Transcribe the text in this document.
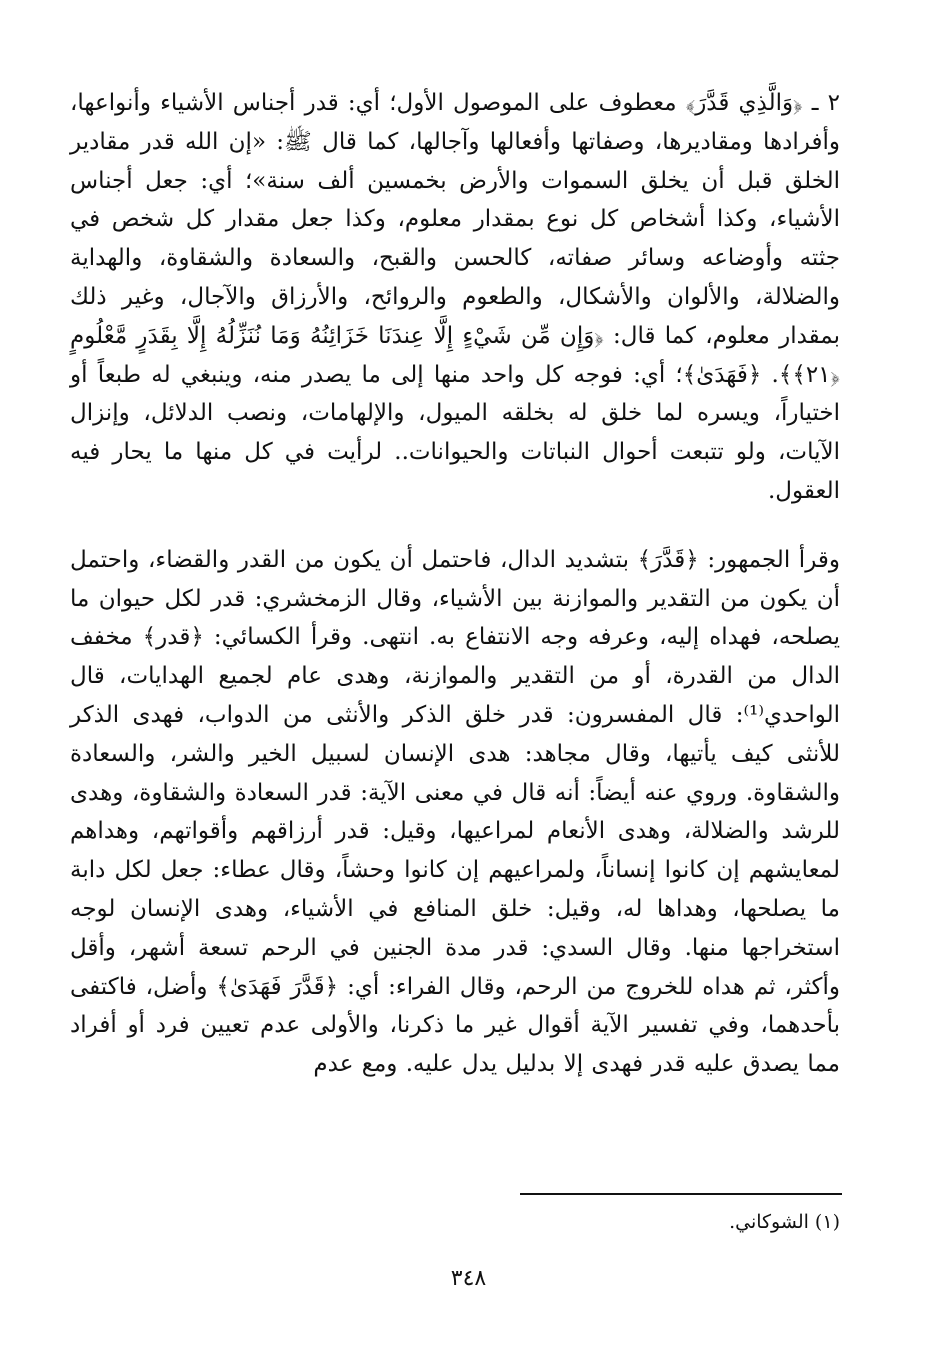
٢ ـ ﴿وَالَّذِي قَدَّرَ﴾ معطوف على الموصول الأول؛ أي: قدر أجناس الأشياء وأنواعها، وأفرادها ومقاديرها، وصفاتها وأفعالها وآجالها، كما قال ﷺ: «إن الله قدر مقادير الخلق قبل أن يخلق السموات والأرض بخمسين ألف سنة»؛ أي: جعل أجناس الأشياء، وكذا أشخاص كل نوع بمقدار معلوم، وكذا جعل مقدار كل شخص في جثته وأوضاعه وسائر صفاته، كالحسن والقبح، والسعادة والشقاوة، والهداية والضلالة، والألوان والأشكال، والطعوم والروائح، والأرزاق والآجال، وغير ذلك بمقدار معلوم، كما قال: ﴿وَإِن مِّن شَيْءٍ إِلَّا عِندَنَا خَزَائِنُهُ وَمَا نُنَزِّلُهُ إِلَّا بِقَدَرٍ مَّعْلُومٍ ﴿٢١﴾﴾. ﴿فَهَدَىٰ﴾؛ أي: فوجه كل واحد منها إلى ما يصدر منه، وينبغي له طبعاً أو اختياراً، ويسره لما خلق له بخلقه الميول، والإلهامات، ونصب الدلائل، وإنزال الآيات، ولو تتبعت أحوال النباتات والحيوانات.. لرأيت في كل منها ما يحار فيه العقول.

وقرأ الجمهور: ﴿قَدَّرَ﴾ بتشديد الدال، فاحتمل أن يكون من القدر والقضاء، واحتمل أن يكون من التقدير والموازنة بين الأشياء، وقال الزمخشري: قدر لكل حيوان ما يصلحه، فهداه إليه، وعرفه وجه الانتفاع به. انتهى. وقرأ الكسائي: ﴿قدر﴾ مخفف الدال من القدرة، أو من التقدير والموازنة، وهدى عام لجميع الهدايات، قال الواحدي⁽¹⁾: قال المفسرون: قدر خلق الذكر والأنثى من الدواب، فهدى الذكر للأنثى كيف يأتيها، وقال مجاهد: هدى الإنسان لسبيل الخير والشر، والسعادة والشقاوة. وروي عنه أيضاً: أنه قال في معنى الآية: قدر السعادة والشقاوة، وهدى للرشد والضلالة، وهدى الأنعام لمراعيها، وقيل: قدر أرزاقهم وأقواتهم، وهداهم لمعايشهم إن كانوا إنساناً، ولمراعيهم إن كانوا وحشاً، وقال عطاء: جعل لكل دابة ما يصلحها، وهداها له، وقيل: خلق المنافع في الأشياء، وهدى الإنسان لوجه استخراجها منها. وقال السدي: قدر مدة الجنين في الرحم تسعة أشهر، وأقل وأكثر، ثم هداه للخروج من الرحم، وقال الفراء: أي: ﴿قَدَّرَ فَهَدَىٰ﴾ وأضل، فاكتفى بأحدهما، وفي تفسير الآية أقوال غير ما ذكرنا، والأولى عدم تعيين فرد أو أفراد مما يصدق عليه قدر فهدى إلا بدليل يدل عليه. ومع عدم

(١) الشوكاني.
٣٤٨
